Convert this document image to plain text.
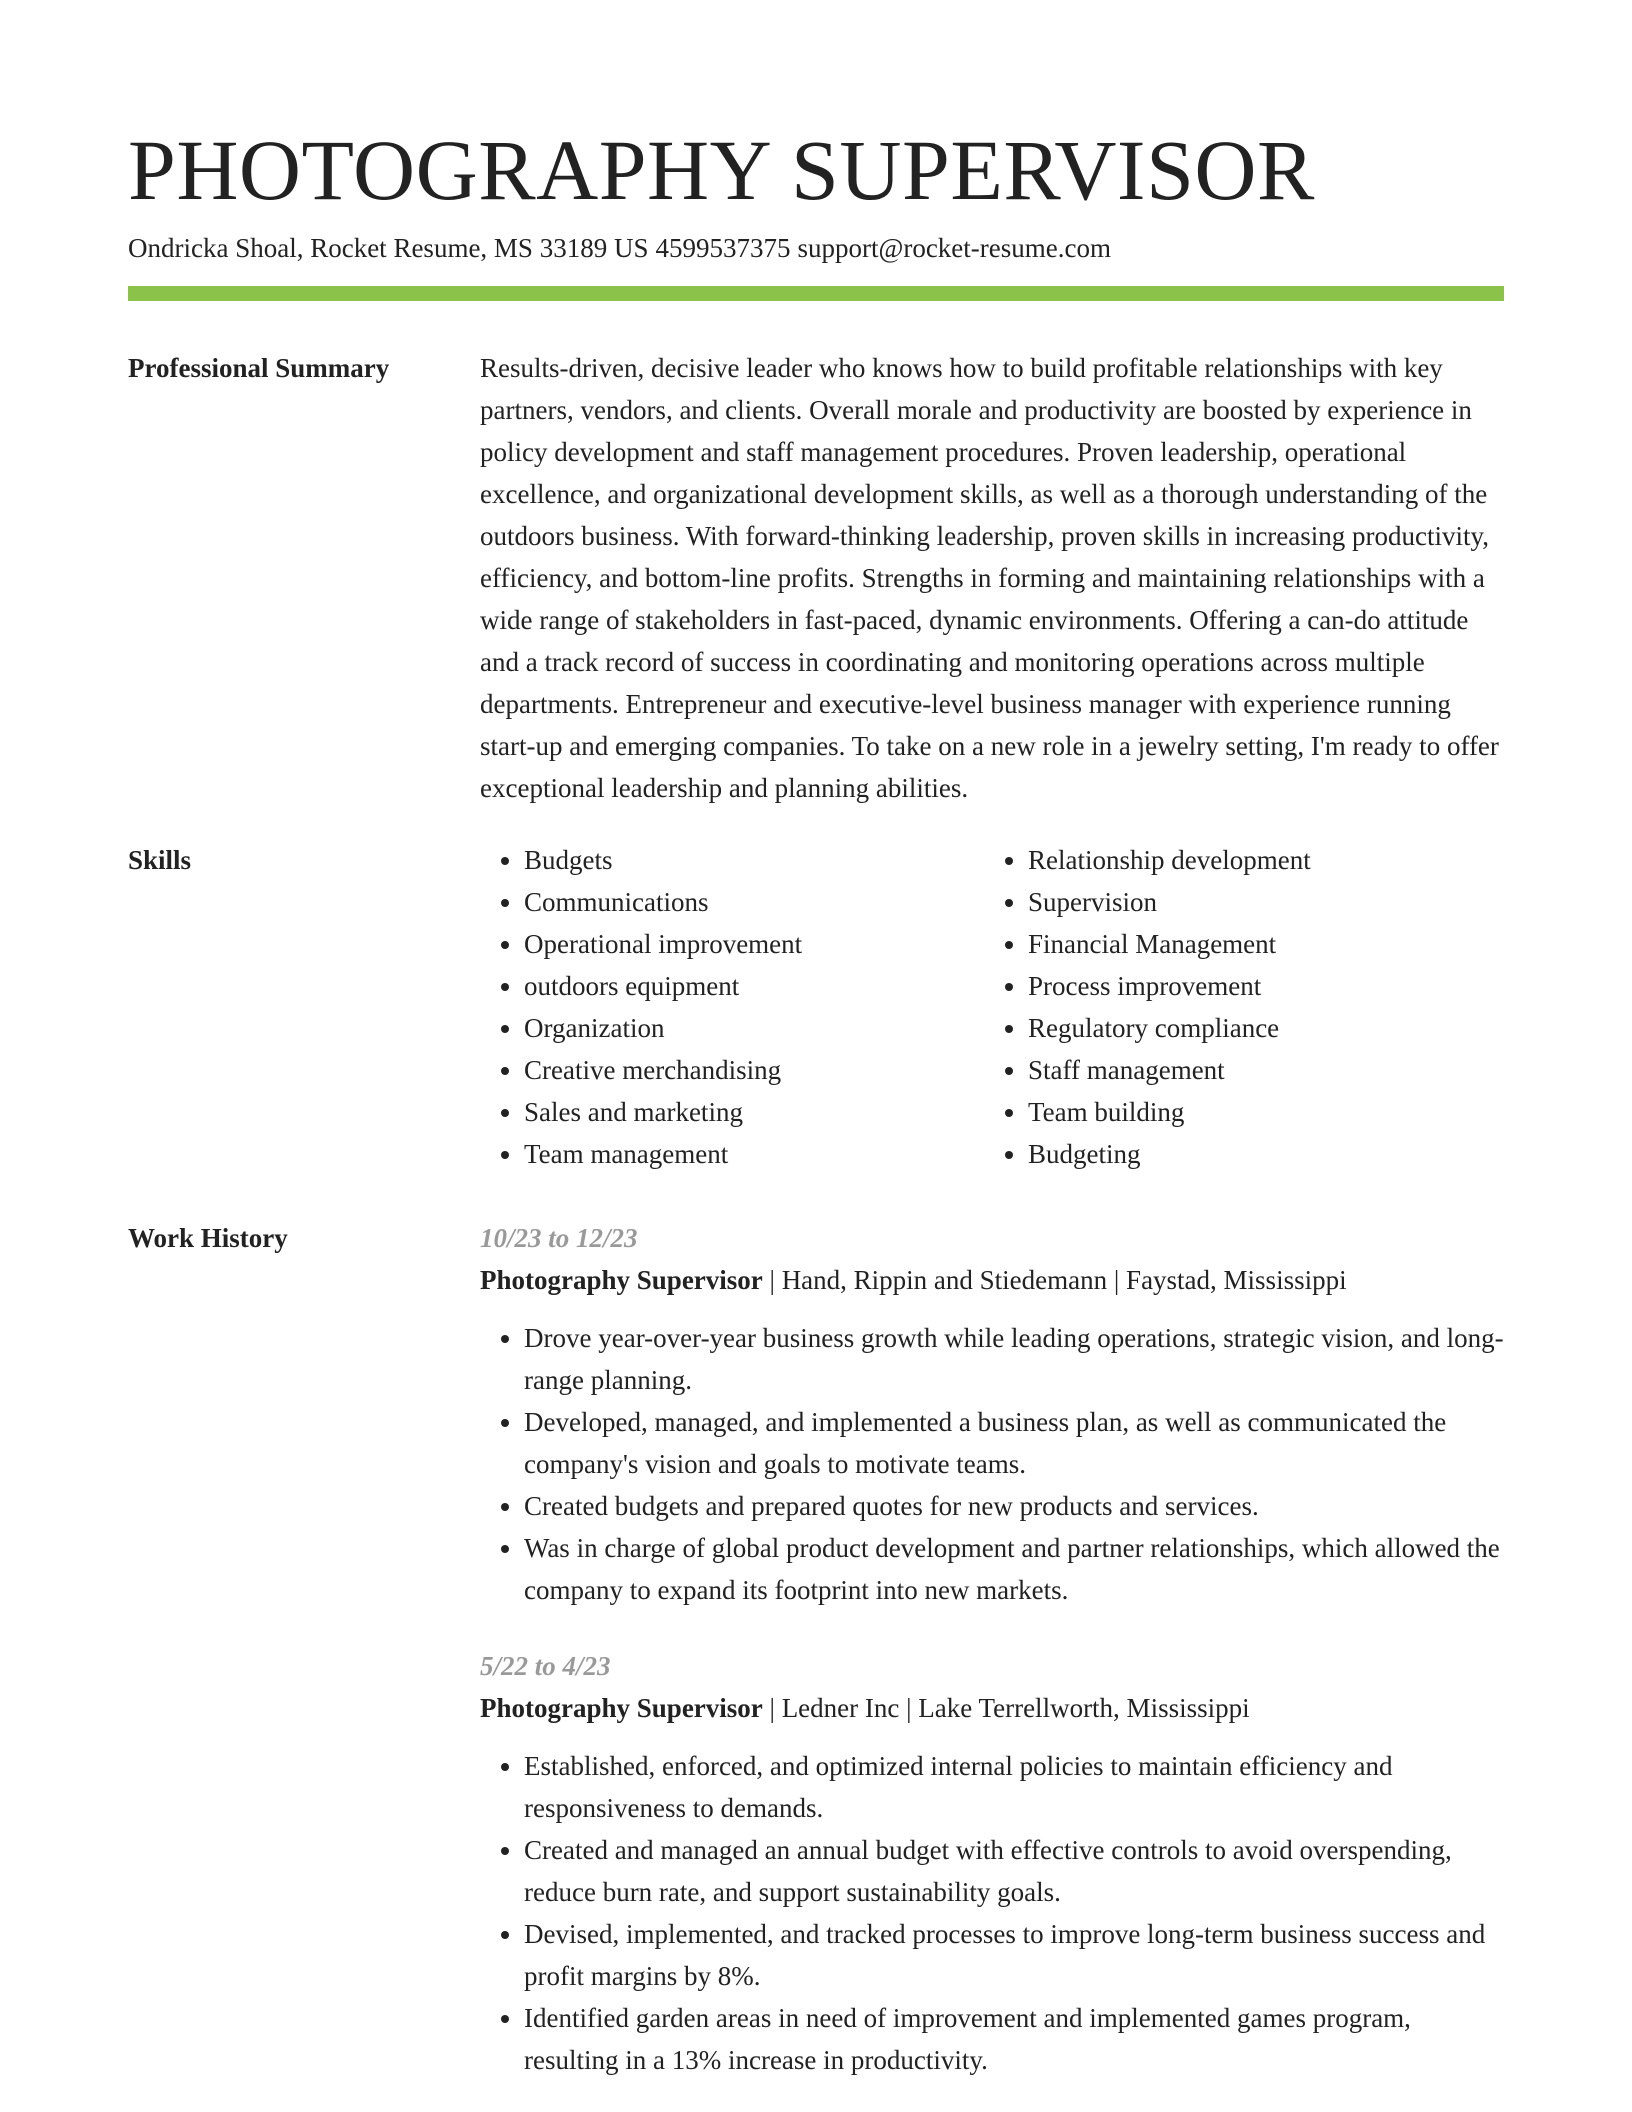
PHOTOGRAPHY SUPERVISOR
Ondricka Shoal, Rocket Resume, MS 33189 US 4599537375 support@rocket-resume.com
Professional Summary	Results-driven, decisive leader who knows how to build profitable relationships with key partners, vendors, and clients. Overall morale and productivity are boosted by experience in policy development and staff management procedures. Proven leadership, operational excellence, and organizational development skills, as well as a thorough understanding of the outdoors business. With forward-thinking leadership, proven skills in increasing productivity, efficiency, and bottom-line profits. Strengths in forming and maintaining relationships with a wide range of stakeholders in fast-paced, dynamic environments. Offering a can-do attitude and a track record of success in coordinating and monitoring operations across multiple departments. Entrepreneur and executive-level business manager with experience running start-up and emerging companies. To take on a new role in a jewelry setting, I'm ready to offer exceptional leadership and planning abilities.

Skills
•	Budgets
• Communications
• Operational improvement
• outdoors equipment
• Organization
• Creative merchandising
• Sales and marketing
• Team management
• Relationship development
• Supervision
• Financial Management
• Process improvement
• Regulatory compliance
• Staff management
• Team building
• Budgeting
Work History	10/23 to 12/23
Photography Supervisor | Hand, Rippin and Stiedemann | Faystad, Mississippi
• Drove year-over-year business growth while leading operations, strategic vision, and long-range planning.
• Developed, managed, and implemented a business plan, as well as communicated the company's vision and goals to motivate teams.
• Created budgets and prepared quotes for new products and services.
• Was in charge of global product development and partner relationships, which allowed the company to expand its footprint into new markets.
5/22 to 4/23
Photography Supervisor | Ledner Inc | Lake Terrellworth, Mississippi
• Established, enforced, and optimized internal policies to maintain efficiency and responsiveness to demands.
• Created and managed an annual budget with effective controls to avoid overspending, reduce burn rate, and support sustainability goals.
• Devised, implemented, and tracked processes to improve long-term business success and profit margins by 8%.
• Identified garden areas in need of improvement and implemented games program, resulting in a 13% increase in productivity.
